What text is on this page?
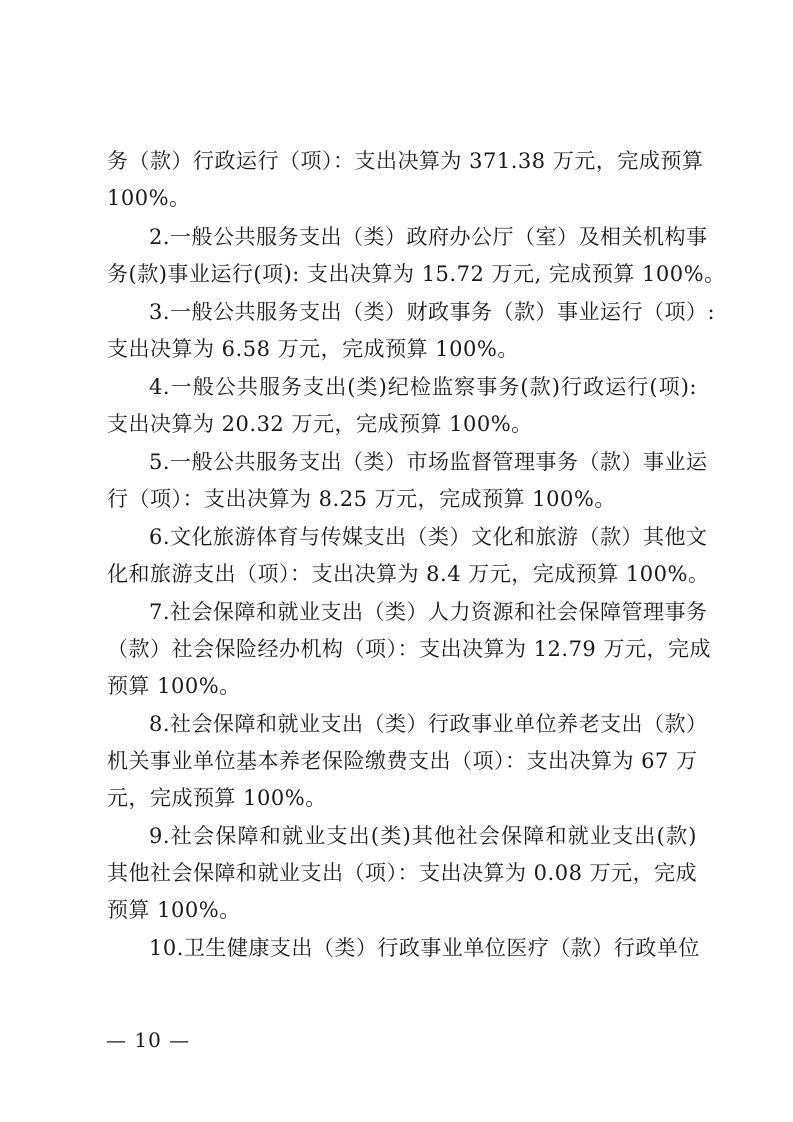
务（款）行政运行（项）：支出决算为 371.38 万元，完成预算
100%。
2.一般公共服务支出（类）政府办公厅（室）及相关机构事
务(款)事业运行(项): 支出决算为 15.72 万元, 完成预算 100%。
3.一般公共服务支出（类）财政事务（款）事业运行（项）:
支出决算为 6.58 万元，完成预算 100%。
4.一般公共服务支出(类)纪检监察事务(款)行政运行(项):
支出决算为 20.32 万元，完成预算 100%。
5.一般公共服务支出（类）市场监督管理事务（款）事业运
行（项）：支出决算为 8.25 万元，完成预算 100%。
6.文化旅游体育与传媒支出（类）文化和旅游（款）其他文
化和旅游支出（项）：支出决算为 8.4 万元，完成预算 100%。
7.社会保障和就业支出（类）人力资源和社会保障管理事务
（款）社会保险经办机构（项）：支出决算为 12.79 万元，完成
预算 100%。
8.社会保障和就业支出（类）行政事业单位养老支出（款）
机关事业单位基本养老保险缴费支出（项）：支出决算为 67 万
元，完成预算 100%。
9.社会保障和就业支出(类)其他社会保障和就业支出(款)
其他社会保障和就业支出（项）：支出决算为 0.08 万元，完成
预算 100%。
10.卫生健康支出（类）行政事业单位医疗（款）行政单位
— 10 —
